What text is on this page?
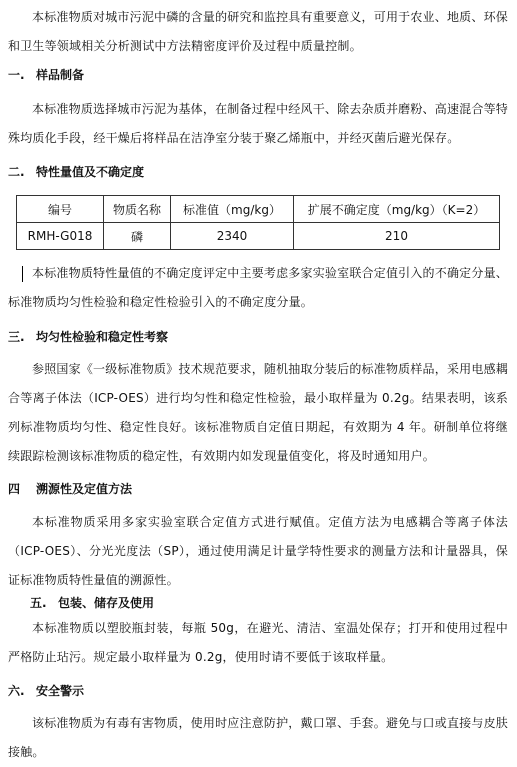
本标准物质对城市污泥中磷的含量的研究和监控具有重要意义，可用于农业、地质、环保和卫生等领域相关分析测试中方法精密度评价及过程中质量控制。

一. 样品制备

本标准物质选择城市污泥为基体，在制备过程中经风干、除去杂质并磨粉、高速混合等特殊均质化手段，经干燥后将样品在洁净室分装于聚乙烯瓶中，并经灭菌后避光保存。

二. 特性量值及不确定度
编号	物质名称	标准值（mg/kg）	扩展不确定度（mg/kg）（K=2）
RMH-G018	磷	2340	210

本标准物质特性量值的不确定度评定中主要考虑多家实验室联合定值引入的不确定分量、标准物质均匀性检验和稳定性检验引入的不确定度分量。

三. 均匀性检验和稳定性考察

参照国家《一级标准物质》技术规范要求，随机抽取分装后的标准物质样品，采用电感耦合等离子体法（ICP-OES）进行均匀性和稳定性检验，最小取样量为 0.2g。结果表明，该系列标准物质均匀性、稳定性良好。该标准物质自定值日期起，有效期为 4 年。研制单位将继续跟踪检测该标准物质的稳定性，有效期内如发现量值变化，将及时通知用户。

四 溯源性及定值方法

本标准物质采用多家实验室联合定值方式进行赋值。定值方法为电感耦合等离子体法（ICP-OES）、分光光度法（SP），通过使用满足计量学特性要求的测量方法和计量器具，保证标准物质特性量值的溯源性。

五. 包装、储存及使用

本标准物质以塑胶瓶封装，每瓶 50g，在避光、清洁、室温处保存；打开和使用过程中严格防止玷污。规定最小取样量为 0.2g，使用时请不要低于该取样量。

六. 安全警示

该标准物质为有毒有害物质，使用时应注意防护，戴口罩、手套。避免与口或直接与皮肤接触。
